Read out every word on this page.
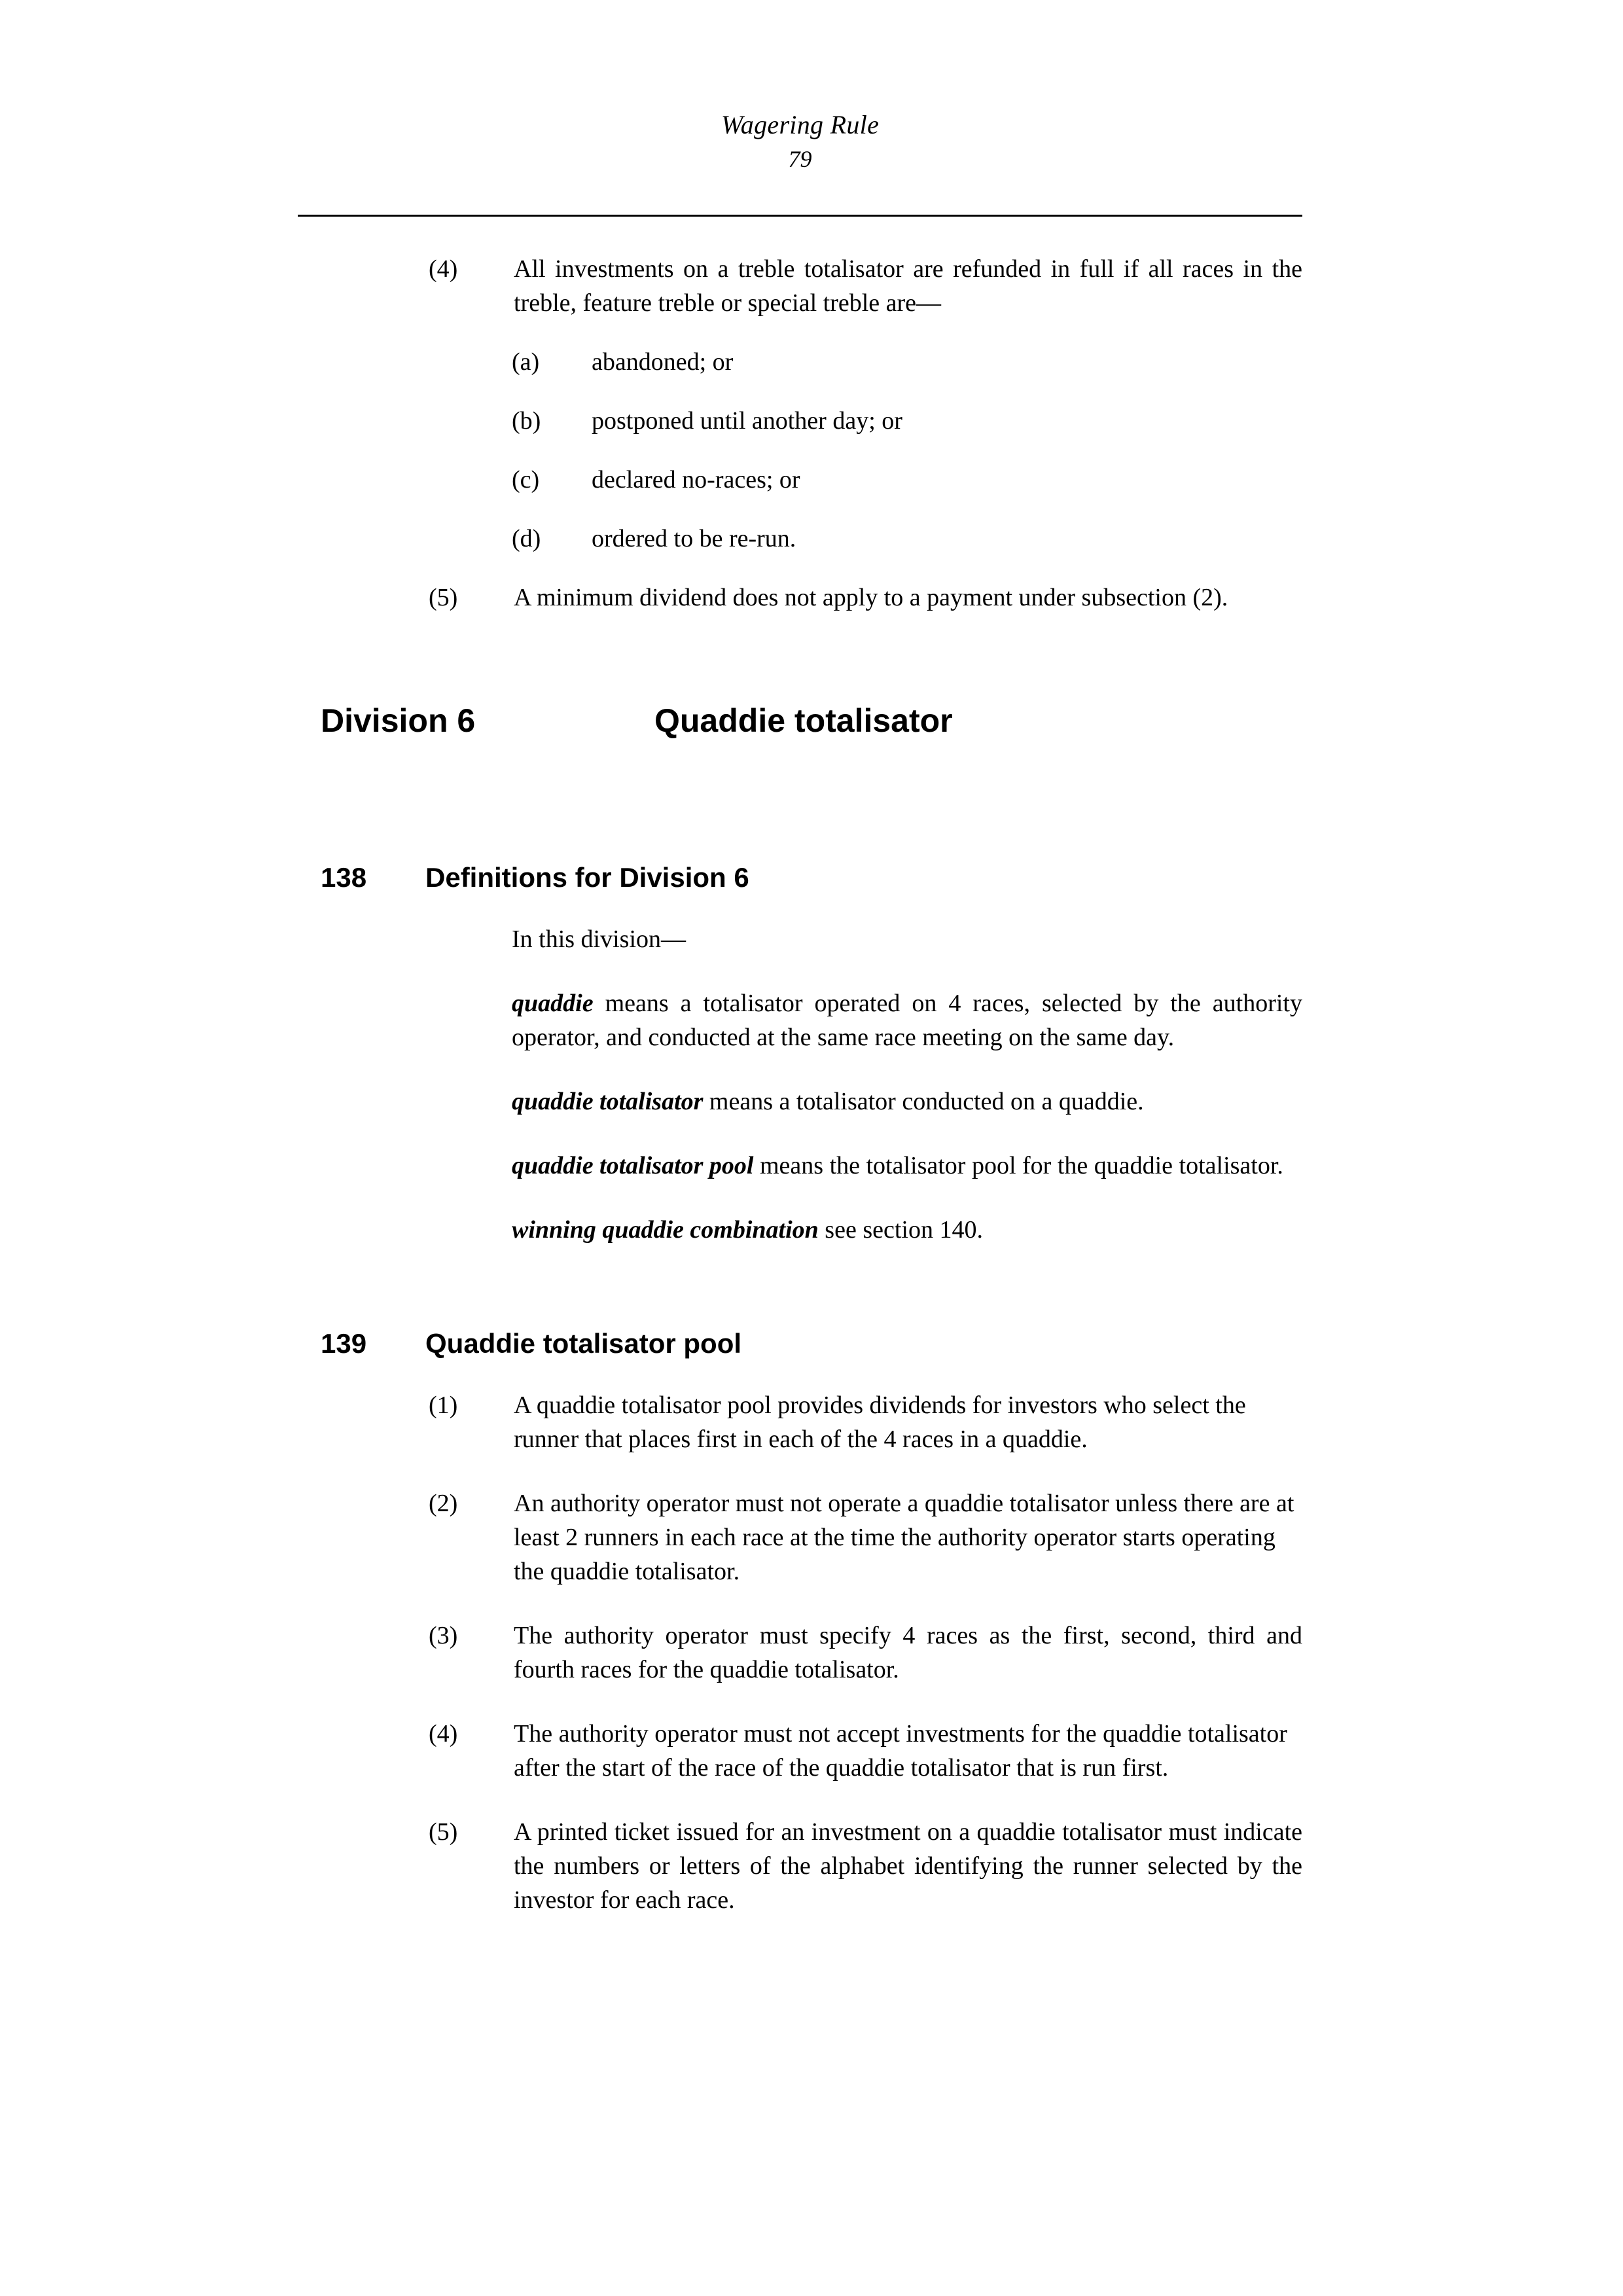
Wagering Rule
79
(4)	All investments on a treble totalisator are refunded in full if all races in the treble, feature treble or special treble are—
(a)	abandoned; or
(b)	postponed until another day; or
(c)	declared no-races; or
(d)	ordered to be re-run.
(5)	A minimum dividend does not apply to a payment under subsection (2).
Division 6	Quaddie totalisator
138	Definitions for Division 6
In this division—
quaddie means a totalisator operated on 4 races, selected by the authority operator, and conducted at the same race meeting on the same day.
quaddie totalisator means a totalisator conducted on a quaddie.
quaddie totalisator pool means the totalisator pool for the quaddie totalisator.
winning quaddie combination see section 140.
139	Quaddie totalisator pool
(1)	A quaddie totalisator pool provides dividends for investors who select the runner that places first in each of the 4 races in a quaddie.
(2)	An authority operator must not operate a quaddie totalisator unless there are at least 2 runners in each race at the time the authority operator starts operating the quaddie totalisator.
(3)	The authority operator must specify 4 races as the first, second, third and fourth races for the quaddie totalisator.
(4)	The authority operator must not accept investments for the quaddie totalisator after the start of the race of the quaddie totalisator that is run first.
(5)	A printed ticket issued for an investment on a quaddie totalisator must indicate the numbers or letters of the alphabet identifying the runner selected by the investor for each race.
